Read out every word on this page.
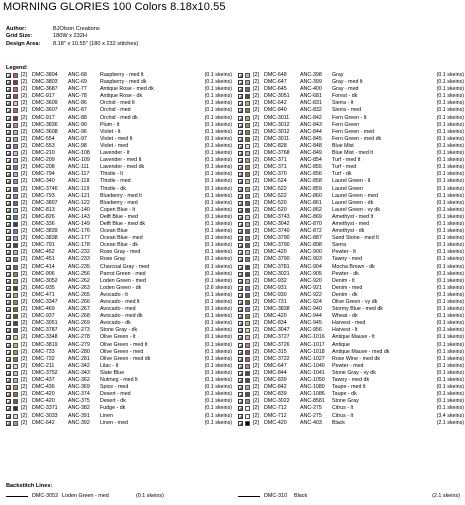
MORNING GLORIES 100 Colors 8.18x10.55
Author:	BJOlson Creations
Grid Size:	180W x 232H
Design Area:	8.18" x 10.55" (180 x 232 stitches)
Legend:
[2] DMC-3804 ANC-68 Raspberry - med lt	(0.1 skeins)
[2] DMC-3803 ANC-69 Raspberry - med dk	(0.1 skeins)
[2] DMC-3687 ANC-77 Antique Rose - med dk	(0.1 skeins)
[2] DMC-917	ANC-78 Antique Rose - dk	(0.1 skeins)
[2] DMC-3609 ANC-86 Orchid - med lt	(0.1 skeins)
[2] DMC-3607 ANC-87 Orchid - med	(0.1 skeins)
[2] DMC-917	ANC-88 Orchid - med dk	(0.1 skeins)
[2] DMC-3836 ANC-90 Plum - lt	(0.1 skeins)
[2] DMC-3608 ANC-96 Violet - lt	(0.1 skeins)
[2] DMC-554	ANC-97 Violet - med lt	(0.1 skeins)
[2] DMC-553	ANC-98 Violet - med	(0.1 skeins)
[2] DMC-210	ANC-108 Lavender - lt	(0.1 skeins)
[2] DMC-209	ANC-109 Lavender - med lt	(0.1 skeins)
[2] DMC-208	ANC-111 Lavender - med dk	(0.1 skeins)
[2] DMC-794	ANC-117 Thistle - lt	(0.1 skeins)
[2] DMC-340	ANC-118 Thistle - med	(0.1 skeins)
[2] DMC-3746 ANC-119 Thistle - dk	(0.1 skeins)
[2] DMC-793	ANC-121 Blueberry - med lt	(0.1 skeins)
[2] DMC-3807 ANC-122 Blueberry - med	(0.1 skeins)
[2] DMC-813	ANC-140 Copen Blue - lt	(0.1 skeins)
[2] DMC-826	ANC-143 Delft Blue - med	(0.1 skeins)
[2] DMC-336	ANC-149 Delft Blue - med dk	(0.1 skeins)
[2] DMC-3839 ANC-176 Ocean Blue	(0.1 skeins)
[2] DMC-3838 ANC-177 Ocean Blue - med	(0.1 skeins)
[2] DMC-791	ANC-178 Ocean Blue - dk	(0.1 skeins)
[2] DMC-452	ANC-232 Rose Gray - med	(0.1 skeins)
[2] DMC-451	ANC-233 Rose Gray	(0.1 skeins)
[2] DMC-414	ANC-235 Charcoal Gray - med	(0.1 skeins)
[2] DMC-906	ANC-256 Parrot Green - med	(0.1 skeins)
[2] DMC-3052 ANC-262 Loden Green - med	(0.1 skeins)
[2] DMC-935	ANC-263 Loden Green - dk	(2.6 skeins)
[2] DMC-471	ANC-265 Avocado - lt	(0.1 skeins)
[2] DMC-3347 ANC-266 Avocado - med lt	(0.1 skeins)
[2] DMC-469	ANC-267 Avocado - med	(0.1 skeins)
[2] DMC-937	ANC-268 Avocado - med dk	(0.1 skeins)
[2] DMC-3051 ANC-269 Avocado - dk	(0.1 skeins)
[2] DMC-3787 ANC-273 Stone Gray - dk	(0.1 skeins)
[2] DMC-3348 ANC-278 Olive Green - lt	(0.1 skeins)
[2] DMC-3819 ANC-279 Olive Green - med lt	(0.1 skeins)
[2] DMC-733	ANC-280 Olive Green - med	(0.1 skeins)
[2] DMC-732	ANC-281 Olive Green - med dk	(0.1 skeins)
[2] DMC-211	ANC-342 Lilac - lt	(0.1 skeins)
[2] DMC-3752 ANC-343 Slate Blue	(0.1 skeins)
[2] DMC-437	ANC-362 Nutmeg - med lt	(0.1 skeins)
[2] DMC-436	ANC-369 Spice - med	(0.1 skeins)
[2] DMC-420	ANC-374 Desert - med	(0.1 skeins)
[2] DMC-420	ANC-375 Desert - dk	(0.1 skeins)
[2] DMC-3371 ANC-382 Fudge - dk	(0.1 skeins)
[2] DMC-3033 ANC-391 Linen	(0.1 skeins)
[2] DMC-642	ANC-392 Linen - med	(0.1 skeins)
[2] DMC-648	ANC-398 Gray	(0.1 skeins)
[2] DMC-647	ANC-399 Gray - med lt	(0.1 skeins)
[2] DMC-645	ANC-400 Gray - med	(0.1 skeins)
[2] DMC-3051 ANC-681 Forest - dk	(0.1 skeins)
[2] DMC-642	ANC-831 Sierra - lt	(0.1 skeins)
[2] DMC-840	ANC-832 Sierra - med	(0.1 skeins)
[2] DMC-3011 ANC-842 Fern Green - lt	(0.1 skeins)
[2] DMC-3012 ANC-843 Fern Green	(0.1 skeins)
[2] DMC-3012 ANC-844 Fern Green - med	(0.1 skeins)
[2] DMC-3011 ANC-845 Fern Green - med dk	(0.1 skeins)
[2] DMC-828	ANC-848 Blue Mist	(0.1 skeins)
[2] DMC-3768 ANC-849 Blue Mist - med lt	(0.1 skeins)
[2] DMC-371	ANC-854 Turf - med lt	(0.1 skeins)
[2] DMC-371	ANC-855 Turf - med	(0.1 skeins)
[2] DMC-370	ANC-856 Turf - dk	(0.1 skeins)
[2] DMC-524	ANC-858 Laurel Green - lt	(0.1 skeins)
[2] DMC-522	ANC-859 Laurel Green	(0.1 skeins)
[2] DMC-522	ANC-860 Laurel Green - med	(0.1 skeins)
[2] DMC-520	ANC-861 Laurel Green - dk	(0.1 skeins)
[2] DMC-520	ANC-862 Laurel Green - vy dk	(0.1 skeins)
[2] DMC-3743 ANC-869 Amethyst - med lt	(0.1 skeins)
[2] DMC-3042 ANC-870 Amethyst - med	(0.1 skeins)
[2] DMC-3740 ANC-872 Amethyst - dk	(0.1 skeins)
[2] DMC-3790 ANC-887 Sand Stone - med lt	(0.1 skeins)
[2] DMC-3790 ANC-898 Sierra	(0.1 skeins)
[2] DMC-420	ANC-900 Pewter - lt	(0.1 skeins)
[2] DMC-3790 ANC-903 Tawny - med	(0.1 skeins)
[2] DMC-3781 ANC-904 Mocha Brown - dk	(0.1 skeins)
[2] DMC-3021 ANC-905 Pewter - dk	(0.1 skeins)
[2] DMC-932	ANC-920 Denim - lt	(0.1 skeins)
[2] DMC-931	ANC-921 Denim - med	(0.1 skeins)
[2] DMC-930	ANC-922 Denim - dk	(0.1 skeins)
[2] DMC-731	ANC-924 Olive Green - vy dk	(0.1 skeins)
[2] DMC-3838 ANC-940 Stormy Blue - med dk	(0.1 skeins)
[2] DMC-420	ANC-944 Wheat - dk	(0.1 skeins)
[2] DMC-834	ANC-945 Harvest - med	(0.1 skeins)
[2] DMC-3047 ANC-956 Harvest - lt	(0.1 skeins)
[2] DMC-3727 ANC-1016 Antique Mauve - lt	(0.1 skeins)
[2] DMC-3726 ANC-1017 Antique	(0.1 skeins)
[2] DMC-315	ANC-1018 Antique Mauve - med dk	(0.1 skeins)
[2] DMC-3722 ANC-1027 Rose Wine - med dk	(0.1 skeins)
[2] DMC-647	ANC-1040 Pewter - med	(0.1 skeins)
[2] DMC-844	ANC-1041 Stone Gray - vy dk	(0.1 skeins)
[2] DMC-839	ANC-1050 Tawny - med dk	(0.1 skeins)
[2] DMC-842	ANC-1080 Taupe - med lt	(0.1 skeins)
[2] DMC-839	ANC-1086 Taupe - dk	(0.1 skeins)
[2] DMC-3022 ANC-8581 Stone Gray	(0.1 skeins)
[2] DMC-712	ANC-275 Citrus - lt	(0.1 skeins)
[2] DMC-712	ANC-275 Citrus - lt	(3.4 skeins)
[2] DMC-420	ANC-403 Black	(2.1 skeins)
Backstitch Lines:
DMC-3052 Loden Green - med	(0.1 skeins)	DMC-310 Black	(2.1 skeins)
